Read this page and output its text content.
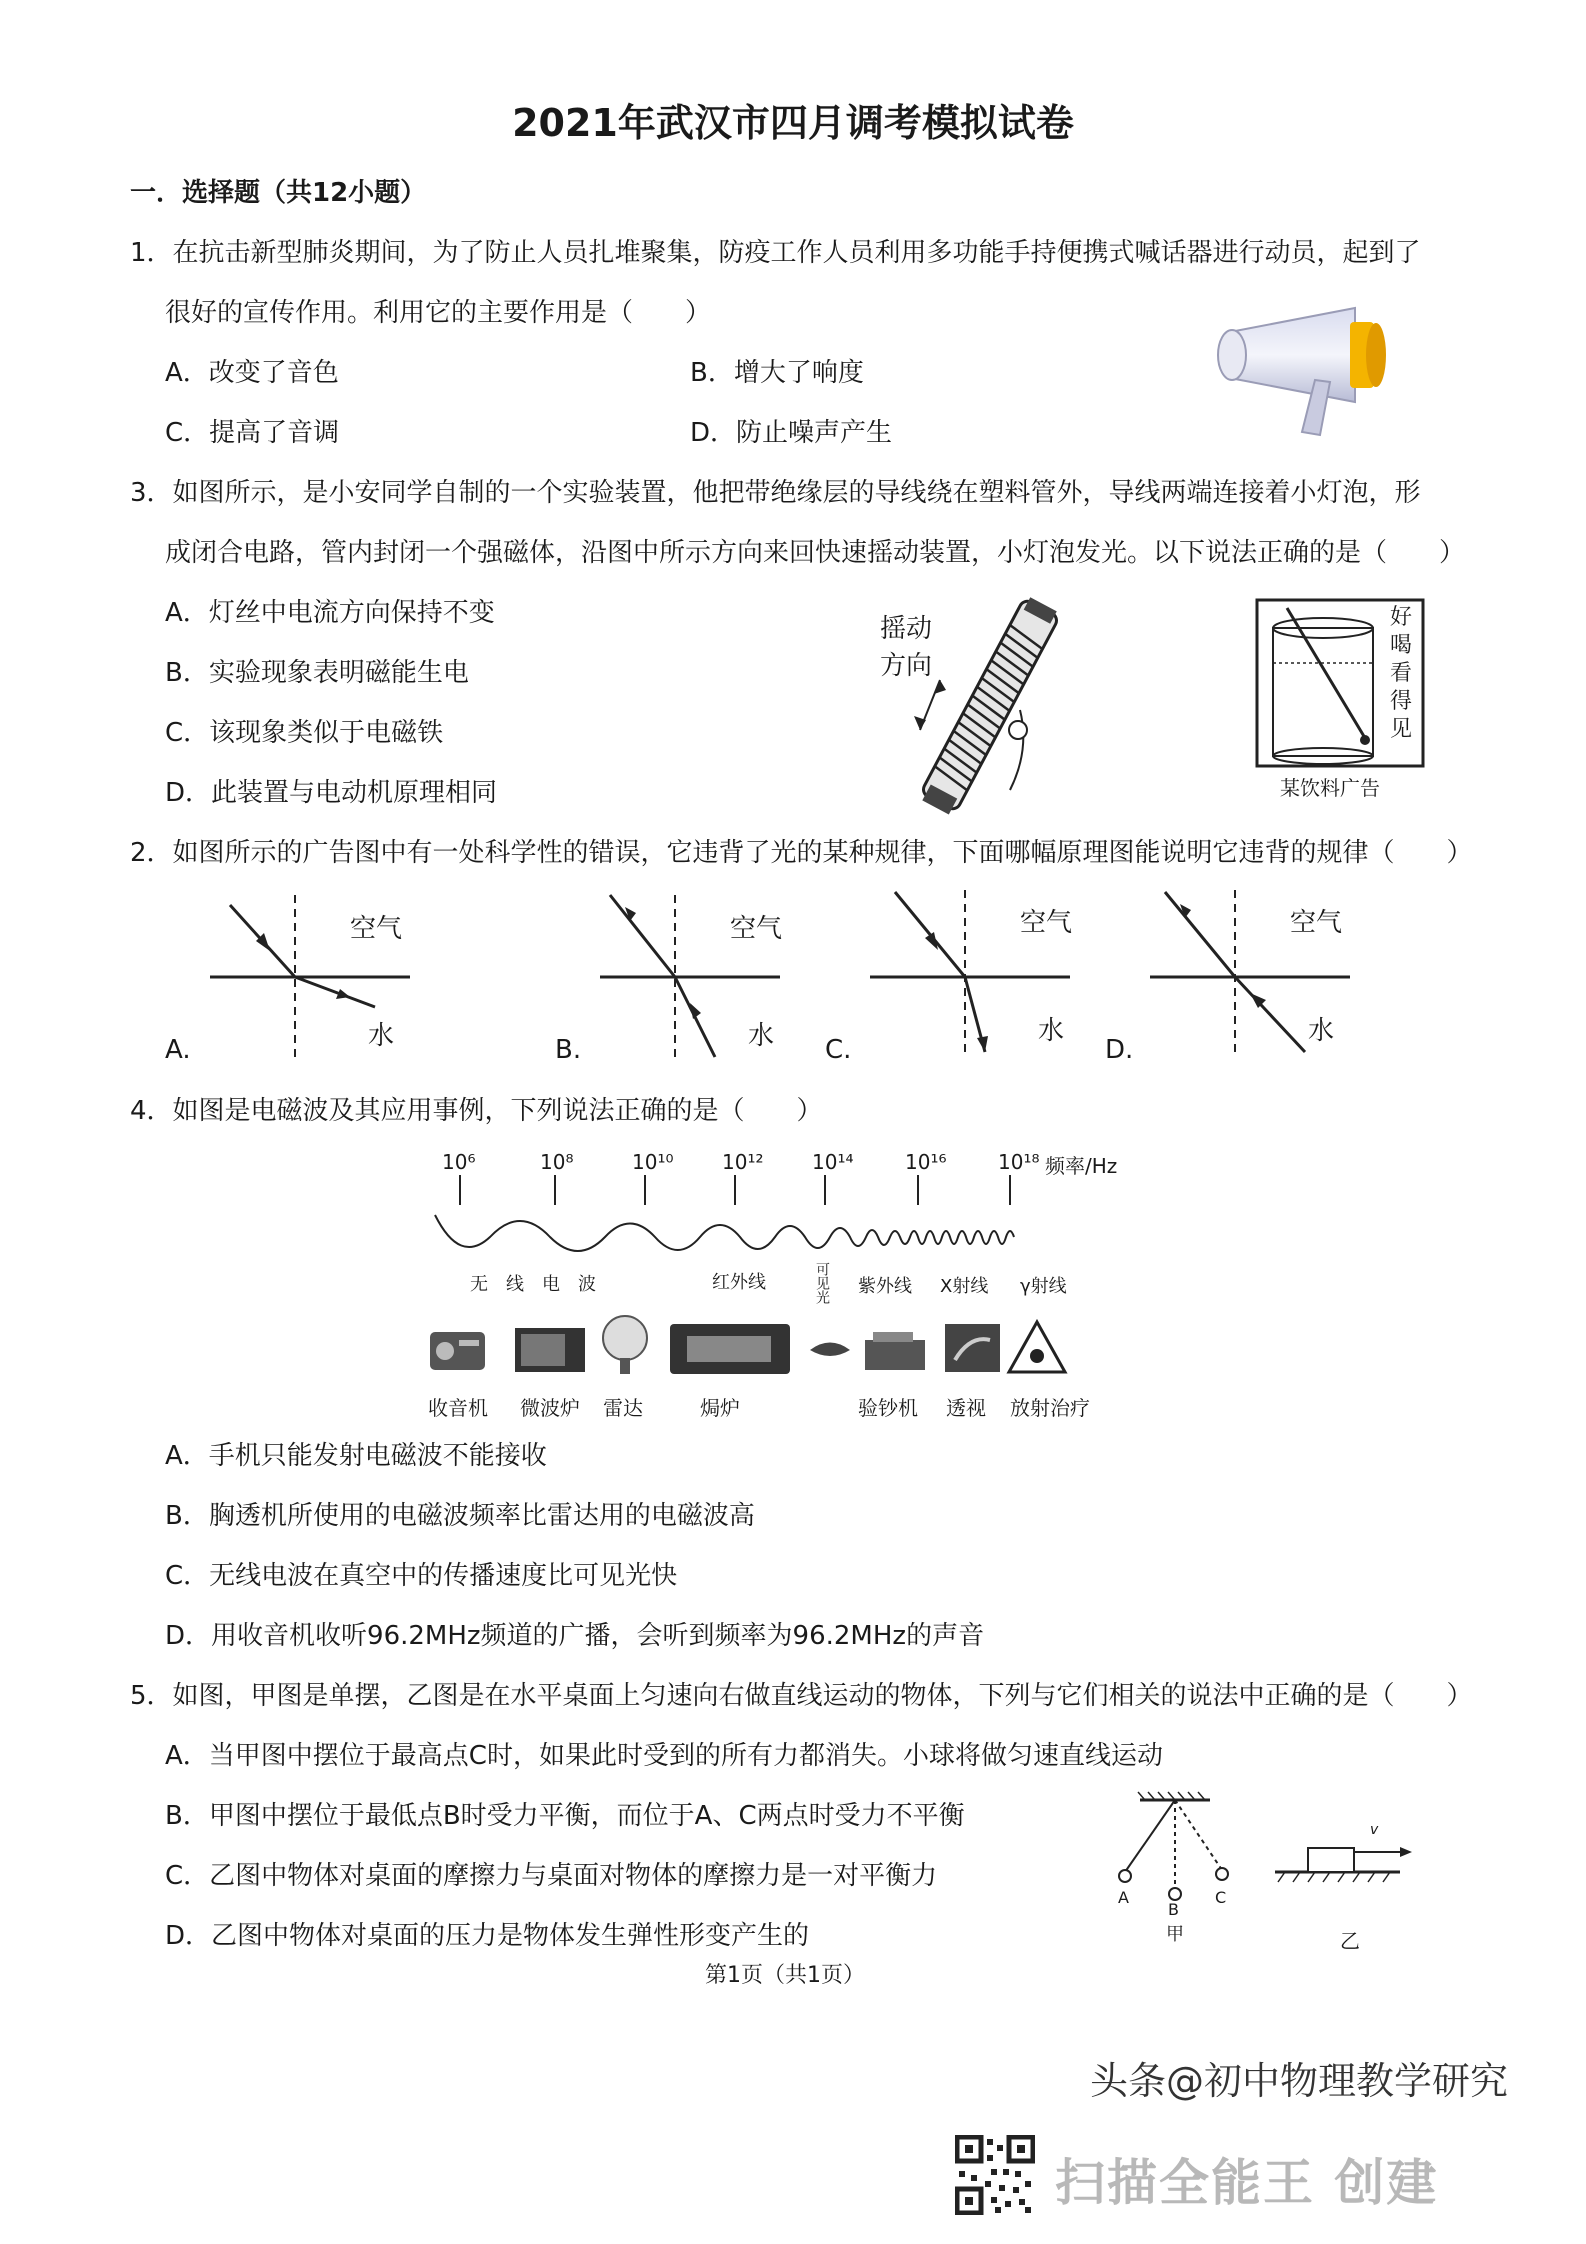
2021年武汉市四月调考模拟试卷
一．选择题（共12小题）
1．在抗击新型肺炎期间，为了防止人员扎堆聚集，防疫工作人员利用多功能手持便携式喊话器进行动员，起到了
很好的宣传作用。利用它的主要作用是（　　）
A．改变了音色	B．增大了响度
C．提高了音调	D．防止噪声产生
3．如图所示，是小安同学自制的一个实验装置，他把带绝缘层的导线绕在塑料管外，导线两端连接着小灯泡，形
成闭合电路，管内封闭一个强磁体，沿图中所示方向来回快速摇动装置，小灯泡发光。以下说法正确的是（　　）
A．灯丝中电流方向保持不变
B．实验现象表明磁能生电
C．该现象类似于电磁铁
D．此装置与电动机原理相同
摇动
方向
好
喝
看
得
见
某饮料广告
2．如图所示的广告图中有一处科学性的错误，它违背了光的某种规律，下面哪幅原理图能说明它违背的规律（　　）
空气
水
A.
空气
水
B.
空气
水
C.
空气
水
D.
4．如图是电磁波及其应用事例，下列说法正确的是（　　）
10⁶	10⁸	10¹⁰ 10¹² 10¹⁴	10¹⁶	10¹⁸ 频率/Hz
无　线　电　波	红外线	可见光 紫外线 X射线 γ射线
收音机 微波炉 雷达	焗炉	验钞机 透视 放射治疗
A．手机只能发射电磁波不能接收
B．胸透机所使用的电磁波频率比雷达用的电磁波高
C．无线电波在真空中的传播速度比可见光快
D．用收音机收听96.2MHz频道的广播，会听到频率为96.2MHz的声音
5．如图，甲图是单摆，乙图是在水平桌面上匀速向右做直线运动的物体，下列与它们相关的说法中正确的是（　　）
A．当甲图中摆位于最高点C时，如果此时受到的所有力都消失。小球将做匀速直线运动
B．甲图中摆位于最低点B时受力平衡，而位于A、C两点时受力不平衡
C．乙图中物体对桌面的摩擦力与桌面对物体的摩擦力是一对平衡力
D．乙图中物体对桌面的压力是物体发生弹性形变产生的
A
B
C
甲
v
乙
第1页（共1页）
头条@初中物理教学研究
扫描全能王 创建
